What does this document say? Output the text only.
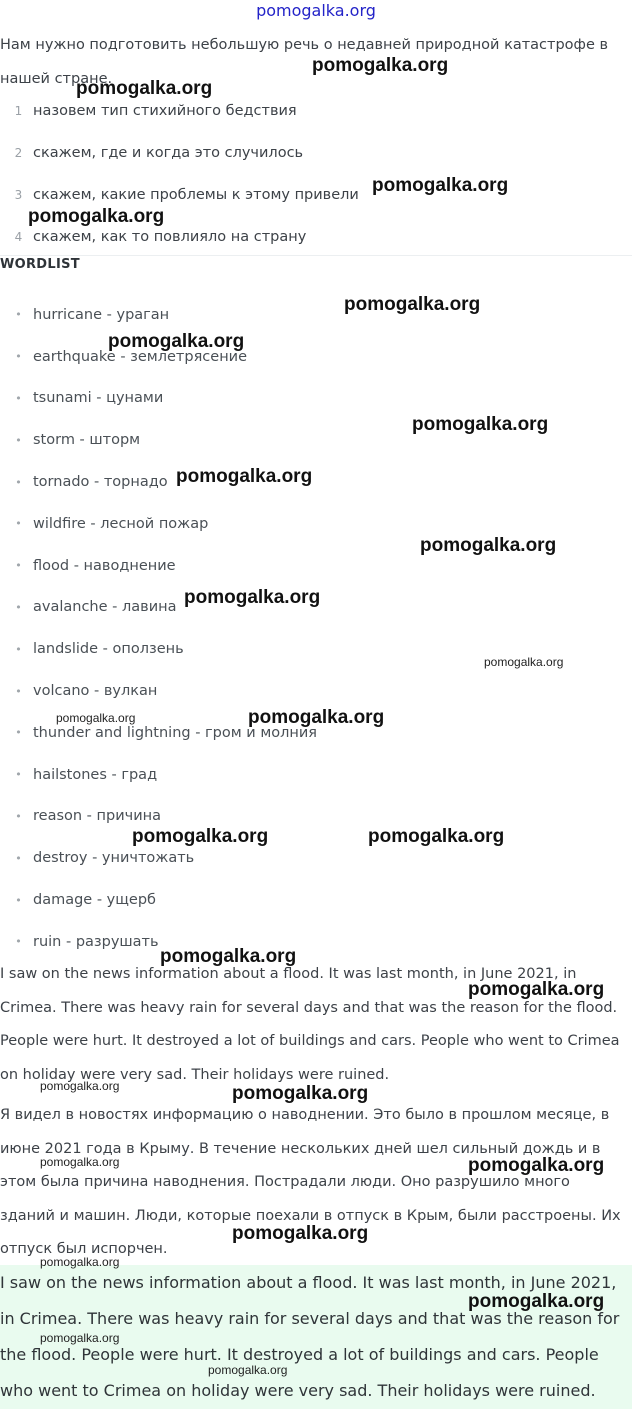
pomogalka.org
Нам нужно подготовить небольшую речь о недавней природной катастрофе в нашей стране.
1 назовем тип стихийного бедствия
2 скажем, где и когда это случилось
3 скажем, какие проблемы к этому привели
4 скажем, как то повлияло на страну
WORDLIST
• hurricane - ураган
• earthquake - землетрясение
• tsunami - цунами
• storm - шторм
• tornado - торнадо
• wildfire - лесной пожар
• flood - наводнение
• avalanche - лавина
• landslide - оползень
• volcano - вулкан
• thunder and lightning - гром и молния
• hailstones - град
• reason - причина
• destroy - уничтожать
• damage - ущерб
• ruin - разрушать
I saw on the news information about a flood. It was last month, in June 2021, in Crimea. There was heavy rain for several days and that was the reason for the flood. People were hurt. It destroyed a lot of buildings and cars. People who went to Crimea on holiday were very sad. Their holidays were ruined.
Я видел в новостях информацию о наводнении. Это было в прошлом месяце, в июне 2021 года в Крыму. В течение нескольких дней шел сильный дождь и в этом была причина наводнения. Пострадали люди. Оно разрушило много зданий и машин. Люди, которые поехали в отпуск в Крым, были расстроены. Их отпуск был испорчен.
I saw on the news information about a flood. It was last month, in June 2021, in Crimea. There was heavy rain for several days and that was the reason for the flood. People were hurt. It destroyed a lot of buildings and cars. People who went to Crimea on holiday were very sad. Their holidays were ruined.
pomogalka.org
pomogalka.org
pomogalka.org
pomogalka.org
pomogalka.org
pomogalka.org
pomogalka.org
pomogalka.org
pomogalka.org
pomogalka.org
pomogalka.org
pomogalka.org
pomogalka.org
pomogalka.org	pomogalka.org
pomogalka.org
pomogalka.org
pomogalka.org	pomogalka.org
pomogalka.org	pomogalka.org
pomogalka.org
pomogalka.org
pomogalka.org
pomogalka.org
pomogalka.org
